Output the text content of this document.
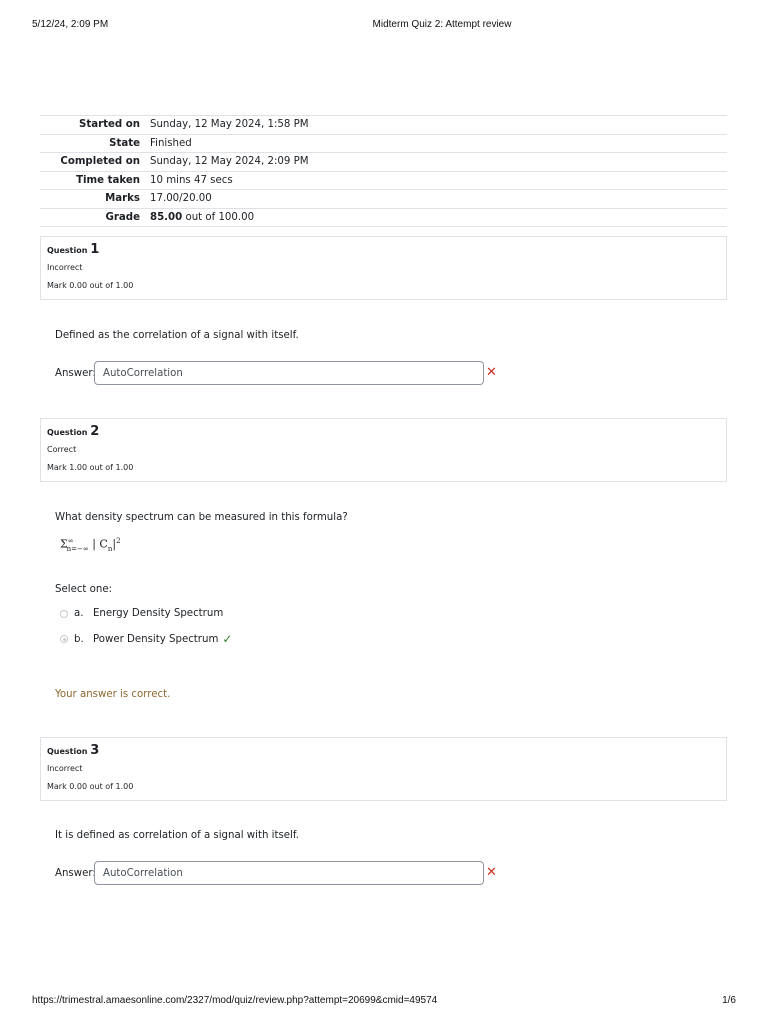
5/12/24, 2:09 PM	Midterm Quiz 2: Attempt review
Started on	Sunday, 12 May 2024, 1:58 PM
State	Finished
Completed on	Sunday, 12 May 2024, 2:09 PM
Time taken	10 mins 47 secs
Marks	17.00/20.00
Grade	85.00 out of 100.00
Question 1
Incorrect
Mark 0.00 out of 1.00
Defined as the correlation of a signal with itself.
Answer: AutoCorrelation	✕
Question 2
Correct
Mark 1.00 out of 1.00
What density spectrum can be measured in this formula?
$\Sigma^\infty_{n=-\infty}$ | $C_n|^2$
Select one:
a. Energy Density Spectrum
b. Power Density Spectrum ✓
Your answer is correct.
Question 3
Incorrect
Mark 0.00 out of 1.00
It is defined as correlation of a signal with itself.
Answer: AutoCorrelation	✕
https://trimestral.amaesonline.com/2327/mod/quiz/review.php?attempt=20699&cmid=49574	1/6
